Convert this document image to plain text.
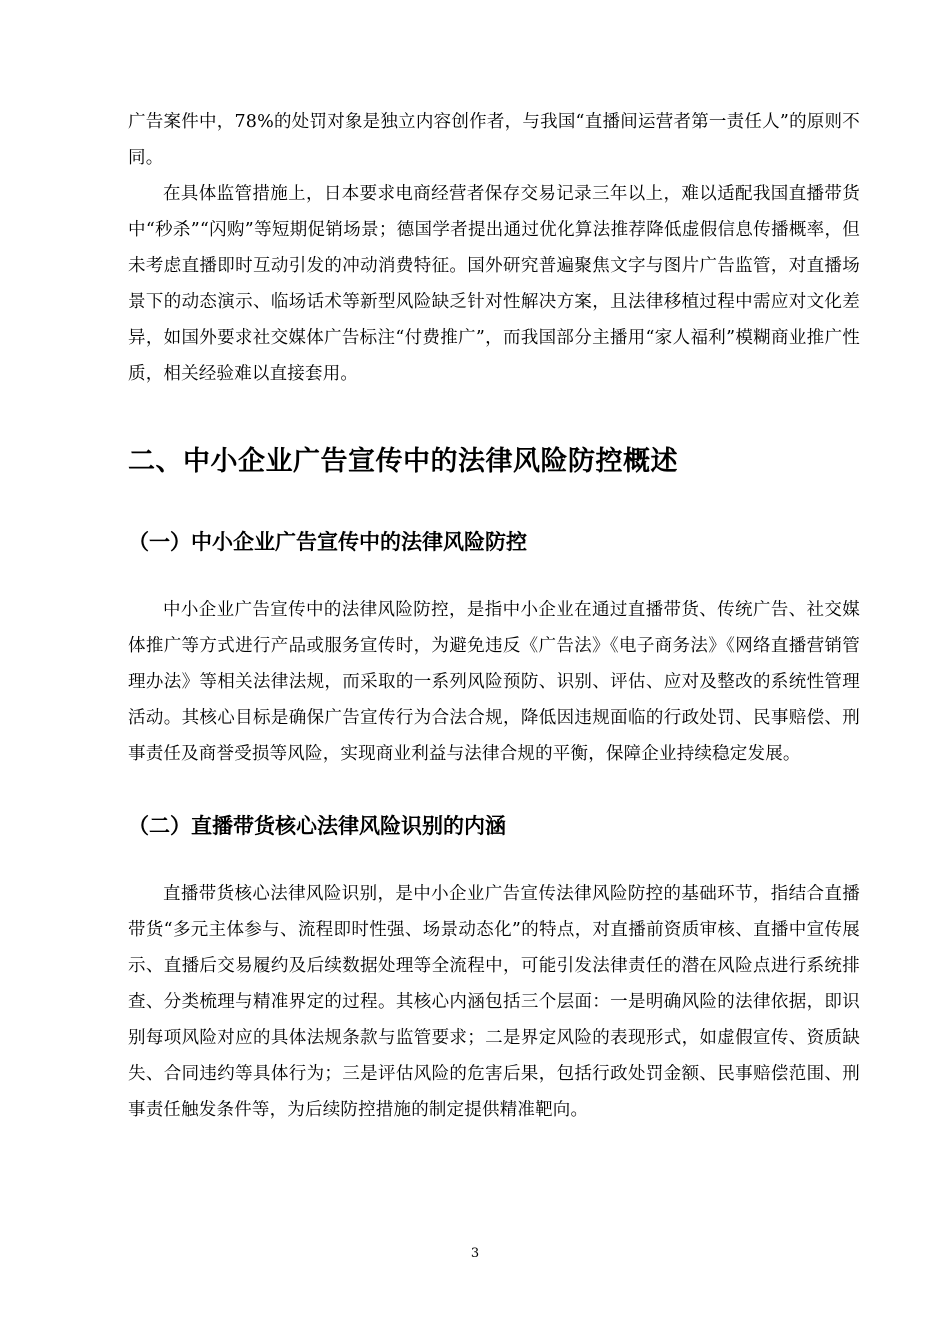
广告案件中，78%的处罚对象是独立内容创作者，与我国“直播间运营者第一责任人”的原则不同。

在具体监管措施上，日本要求电商经营者保存交易记录三年以上，难以适配我国直播带货中“秒杀”“闪购”等短期促销场景；德国学者提出通过优化算法推荐降低虚假信息传播概率，但未考虑直播即时互动引发的冲动消费特征。国外研究普遍聚焦文字与图片广告监管，对直播场景下的动态演示、临场话术等新型风险缺乏针对性解决方案，且法律移植过程中需应对文化差异，如国外要求社交媒体广告标注“付费推广”，而我国部分主播用“家人福利”模糊商业推广性质，相关经验难以直接套用。

二、中小企业广告宣传中的法律风险防控概述
（一）中小企业广告宣传中的法律风险防控

中小企业广告宣传中的法律风险防控，是指中小企业在通过直播带货、传统广告、社交媒体推广等方式进行产品或服务宣传时，为避免违反《广告法》《电子商务法》《网络直播营销管理办法》等相关法律法规，而采取的一系列风险预防、识别、评估、应对及整改的系统性管理活动。其核心目标是确保广告宣传行为合法合规，降低因违规面临的行政处罚、民事赔偿、刑事责任及商誉受损等风险，实现商业利益与法律合规的平衡，保障企业持续稳定发展。

（二）直播带货核心法律风险识别的内涵

直播带货核心法律风险识别，是中小企业广告宣传法律风险防控的基础环节，指结合直播带货“多元主体参与、流程即时性强、场景动态化”的特点，对直播前资质审核、直播中宣传展示、直播后交易履约及后续数据处理等全流程中，可能引发法律责任的潜在风险点进行系统排查、分类梳理与精准界定的过程。其核心内涵包括三个层面：一是明确风险的法律依据，即识别每项风险对应的具体法规条款与监管要求；二是界定风险的表现形式，如虚假宣传、资质缺失、合同违约等具体行为；三是评估风险的危害后果，包括行政处罚金额、民事赔偿范围、刑事责任触发条件等，为后续防控措施的制定提供精准靶向。

3
